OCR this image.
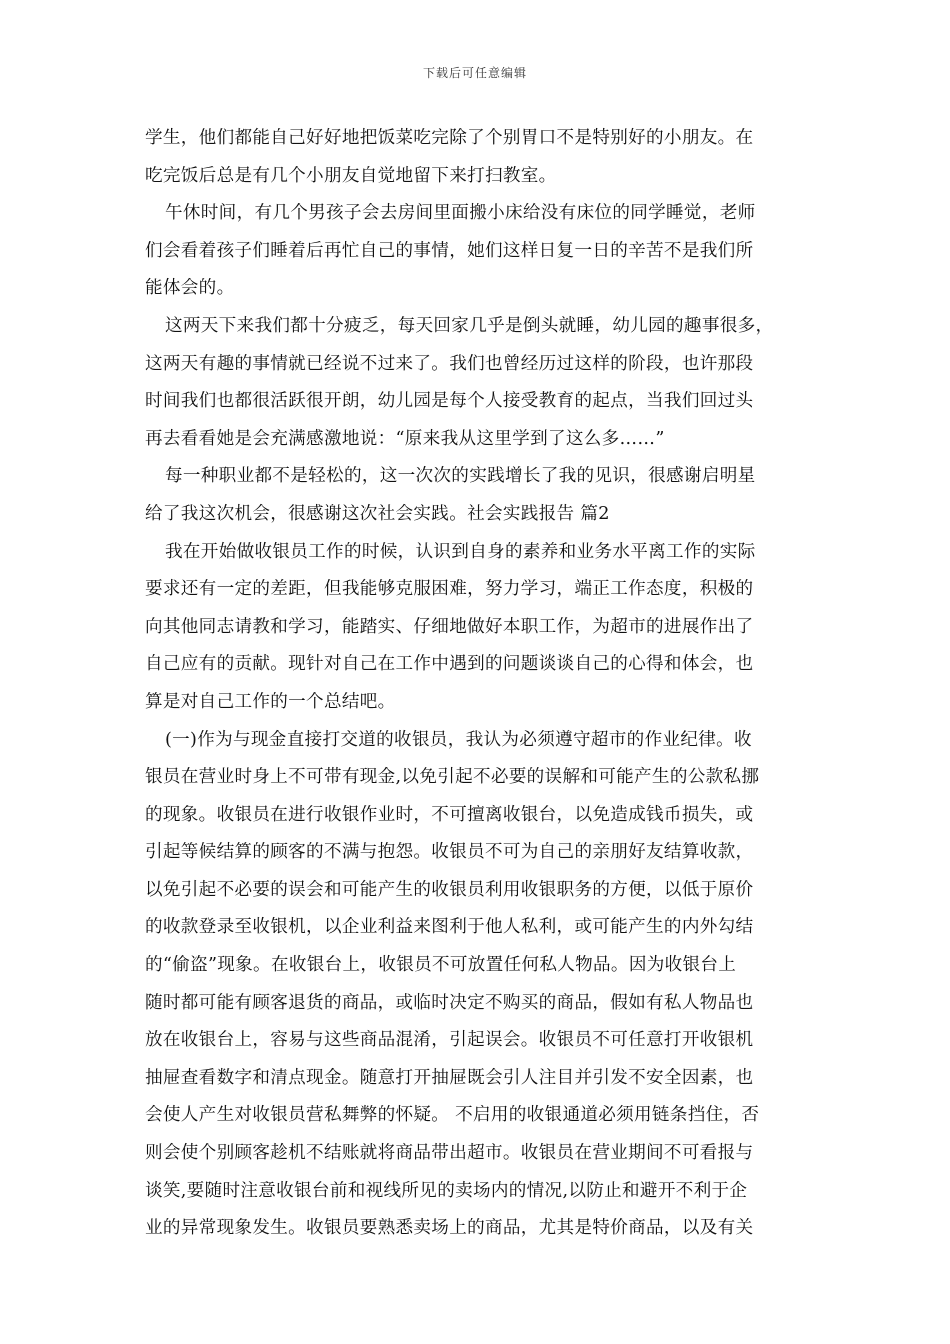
下载后可任意编辑
学生，他们都能自己好好地把饭菜吃完除了个别胃口不是特别好的小朋友。在
吃完饭后总是有几个小朋友自觉地留下来打扫教室。
午休时间，有几个男孩子会去房间里面搬小床给没有床位的同学睡觉，老师
们会看着孩子们睡着后再忙自己的事情，她们这样日复一日的辛苦不是我们所
能体会的。
这两天下来我们都十分疲乏，每天回家几乎是倒头就睡，幼儿园的趣事很多，
这两天有趣的事情就已经说不过来了。我们也曾经历过这样的阶段，也许那段
时间我们也都很活跃很开朗，幼儿园是每个人接受教育的起点，当我们回过头
再去看看她是会充满感激地说：“原来我从这里学到了这么多……”
每一种职业都不是轻松的，这一次次的实践增长了我的见识，很感谢启明星
给了我这次机会，很感谢这次社会实践。社会实践报告 篇2
我在开始做收银员工作的时候，认识到自身的素养和业务水平离工作的实际
要求还有一定的差距，但我能够克服困难，努力学习，端正工作态度，积极的
向其他同志请教和学习，能踏实、仔细地做好本职工作，为超市的进展作出了
自己应有的贡献。现针对自己在工作中遇到的问题谈谈自己的心得和体会，也
算是对自己工作的一个总结吧。
(一)作为与现金直接打交道的收银员，我认为必须遵守超市的作业纪律。收
银员在营业时身上不可带有现金,以免引起不必要的误解和可能产生的公款私挪
的现象。收银员在进行收银作业时，不可擅离收银台，以免造成钱币损失，或
引起等候结算的顾客的不满与抱怨。收银员不可为自己的亲朋好友结算收款，
以免引起不必要的误会和可能产生的收银员利用收银职务的方便，以低于原价
的收款登录至收银机，以企业利益来图利于他人私利，或可能产生的内外勾结
的“偷盗”现象。在收银台上，收银员不可放置任何私人物品。因为收银台上
随时都可能有顾客退货的商品，或临时决定不购买的商品，假如有私人物品也
放在收银台上，容易与这些商品混淆，引起误会。收银员不可任意打开收银机
抽屉查看数字和清点现金。随意打开抽屉既会引人注目并引发不安全因素，也
会使人产生对收银员营私舞弊的怀疑。 不启用的收银通道必须用链条挡住，否
则会使个别顾客趁机不结账就将商品带出超市。收银员在营业期间不可看报与
谈笑,要随时注意收银台前和视线所见的卖场内的情况,以防止和避开不利于企
业的异常现象发生。收银员要熟悉卖场上的商品，尤其是特价商品，以及有关
